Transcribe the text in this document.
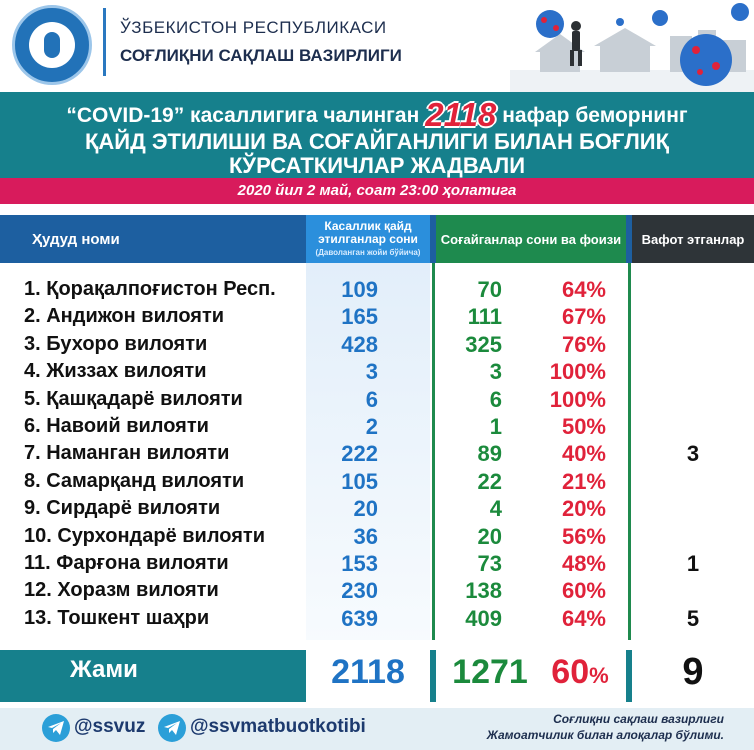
ЎЗБЕКИСТОН РЕСПУБЛИКАСИ
СОҒЛИҚНИ САҚЛАШ ВАЗИРЛИГИ
“COVID-19” касаллигига чалинган 2118 нафар беморнинг
ҚАЙД ЭТИЛИШИ ВА СОҒАЙГАНЛИГИ БИЛАН БОҒЛИҚ
КЎРСАТКИЧЛАР ЖАДВАЛИ
2020 йил 2 май, соат 23:00 ҳолатига
Ҳудуд номи
Касаллик қайд
этилганлар сони
(Даволанган жойи бўйича)
Соғайганлар сони ва фоизи	Вафот этганлар
1. Қорақалпоғистон Респ.	109	70	64%
2. Андижон вилояти	165	111	67%
3. Бухоро вилояти	428	325	76%
4. Жиззах вилояти	3	3	100%
5. Қашқадарё вилояти	6	6	100%
6. Навоий вилояти	2	1	50%
7. Наманган вилояти	222	89	40%	3
8. Самарқанд вилояти	105	22	21%
9. Сирдарё вилояти	20	4	20%
10. Сурхондарё вилояти	36	20	56%
11. Фарғона вилояти	153	73	48%	1
12. Хоразм вилояти	230	138	60%
13. Тошкент шаҳри	639	409	64%	5
Жами	2118	1271 60%	9
@ssvuz @ssvmatbuotkotibi	Соғлиқни сақлаш вазирлиги
Жамоатчилик билан алоқалар бўлими.
